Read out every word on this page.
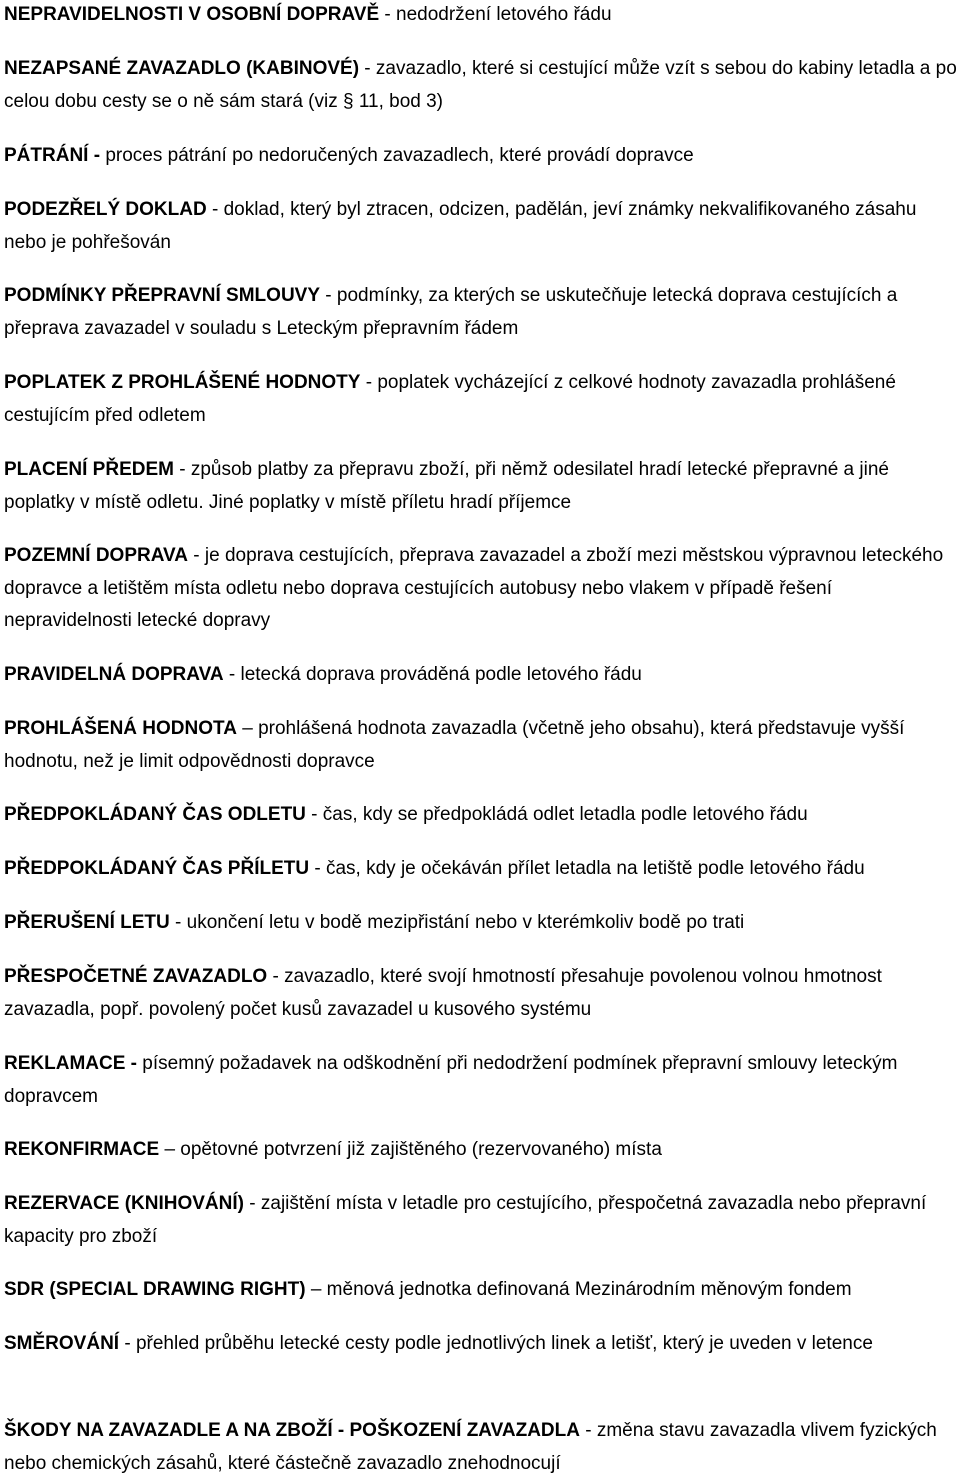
NEPRAVIDELNOSTI V OSOBNÍ DOPRAVĚ - nedodržení letového řádu

NEZAPSANÉ ZAVAZADLO (KABINOVÉ) - zavazadlo, které si cestující může vzít s sebou do kabiny letadla a po celou dobu cesty se o ně sám stará (viz § 11, bod 3)

PÁTRÁNÍ - proces pátrání po nedoručených zavazadlech, které provádí dopravce

PODEZŘELÝ DOKLAD - doklad, který byl ztracen, odcizen, padělán, jeví známky nekvalifikovaného zásahu nebo je pohřešován

PODMÍNKY PŘEPRAVNÍ SMLOUVY - podmínky, za kterých se uskutečňuje letecká doprava cestujících a přeprava zavazadel v souladu s Leteckým přepravním řádem

POPLATEK Z PROHLÁŠENÉ HODNOTY - poplatek vycházející z celkové hodnoty zavazadla prohlášené cestujícím před odletem

PLACENÍ PŘEDEM - způsob platby za přepravu zboží, při němž odesilatel hradí letecké přepravné a jiné poplatky v místě odletu. Jiné poplatky v místě příletu hradí příjemce

POZEMNÍ DOPRAVA - je doprava cestujících, přeprava zavazadel a zboží mezi městskou výpravnou leteckého dopravce a letištěm místa odletu nebo doprava cestujících autobusy nebo vlakem v případě řešení nepravidelnosti letecké dopravy

PRAVIDELNÁ DOPRAVA - letecká doprava prováděná podle letového řádu

PROHLÁŠENÁ HODNOTA – prohlášená hodnota zavazadla (včetně jeho obsahu), která představuje vyšší hodnotu, než je limit odpovědnosti dopravce

PŘEDPOKLÁDANÝ ČAS ODLETU - čas, kdy se předpokládá odlet letadla podle letového řádu

PŘEDPOKLÁDANÝ ČAS PŘÍLETU - čas, kdy je očekáván přílet letadla na letiště podle letového řádu

PŘERUŠENÍ LETU - ukončení letu v bodě mezipřistání nebo v kterémkoliv bodě po trati

PŘESPOČETNÉ ZAVAZADLO - zavazadlo, které svojí hmotností přesahuje povolenou volnou hmotnost zavazadla, popř. povolený počet kusů zavazadel u kusového systému

REKLAMACE - písemný požadavek na odškodnění při nedodržení podmínek přepravní smlouvy leteckým dopravcem

REKONFIRMACE – opětovné potvrzení již zajištěného (rezervovaného) místa

REZERVACE (KNIHOVÁNÍ) - zajištění místa v letadle pro cestujícího, přespočetná zavazadla nebo přepravní kapacity pro zboží

SDR (SPECIAL DRAWING RIGHT) – měnová jednotka definovaná Mezinárodním měnovým fondem

SMĚROVÁNÍ - přehled průběhu letecké cesty podle jednotlivých linek a letišť, který je uveden v letence

ŠKODY NA ZAVAZADLE A NA ZBOŽÍ - POŠKOZENÍ ZAVAZADLA - změna stavu zavazadla vlivem fyzických nebo chemických zásahů, které částečně zavazadlo znehodnocují
